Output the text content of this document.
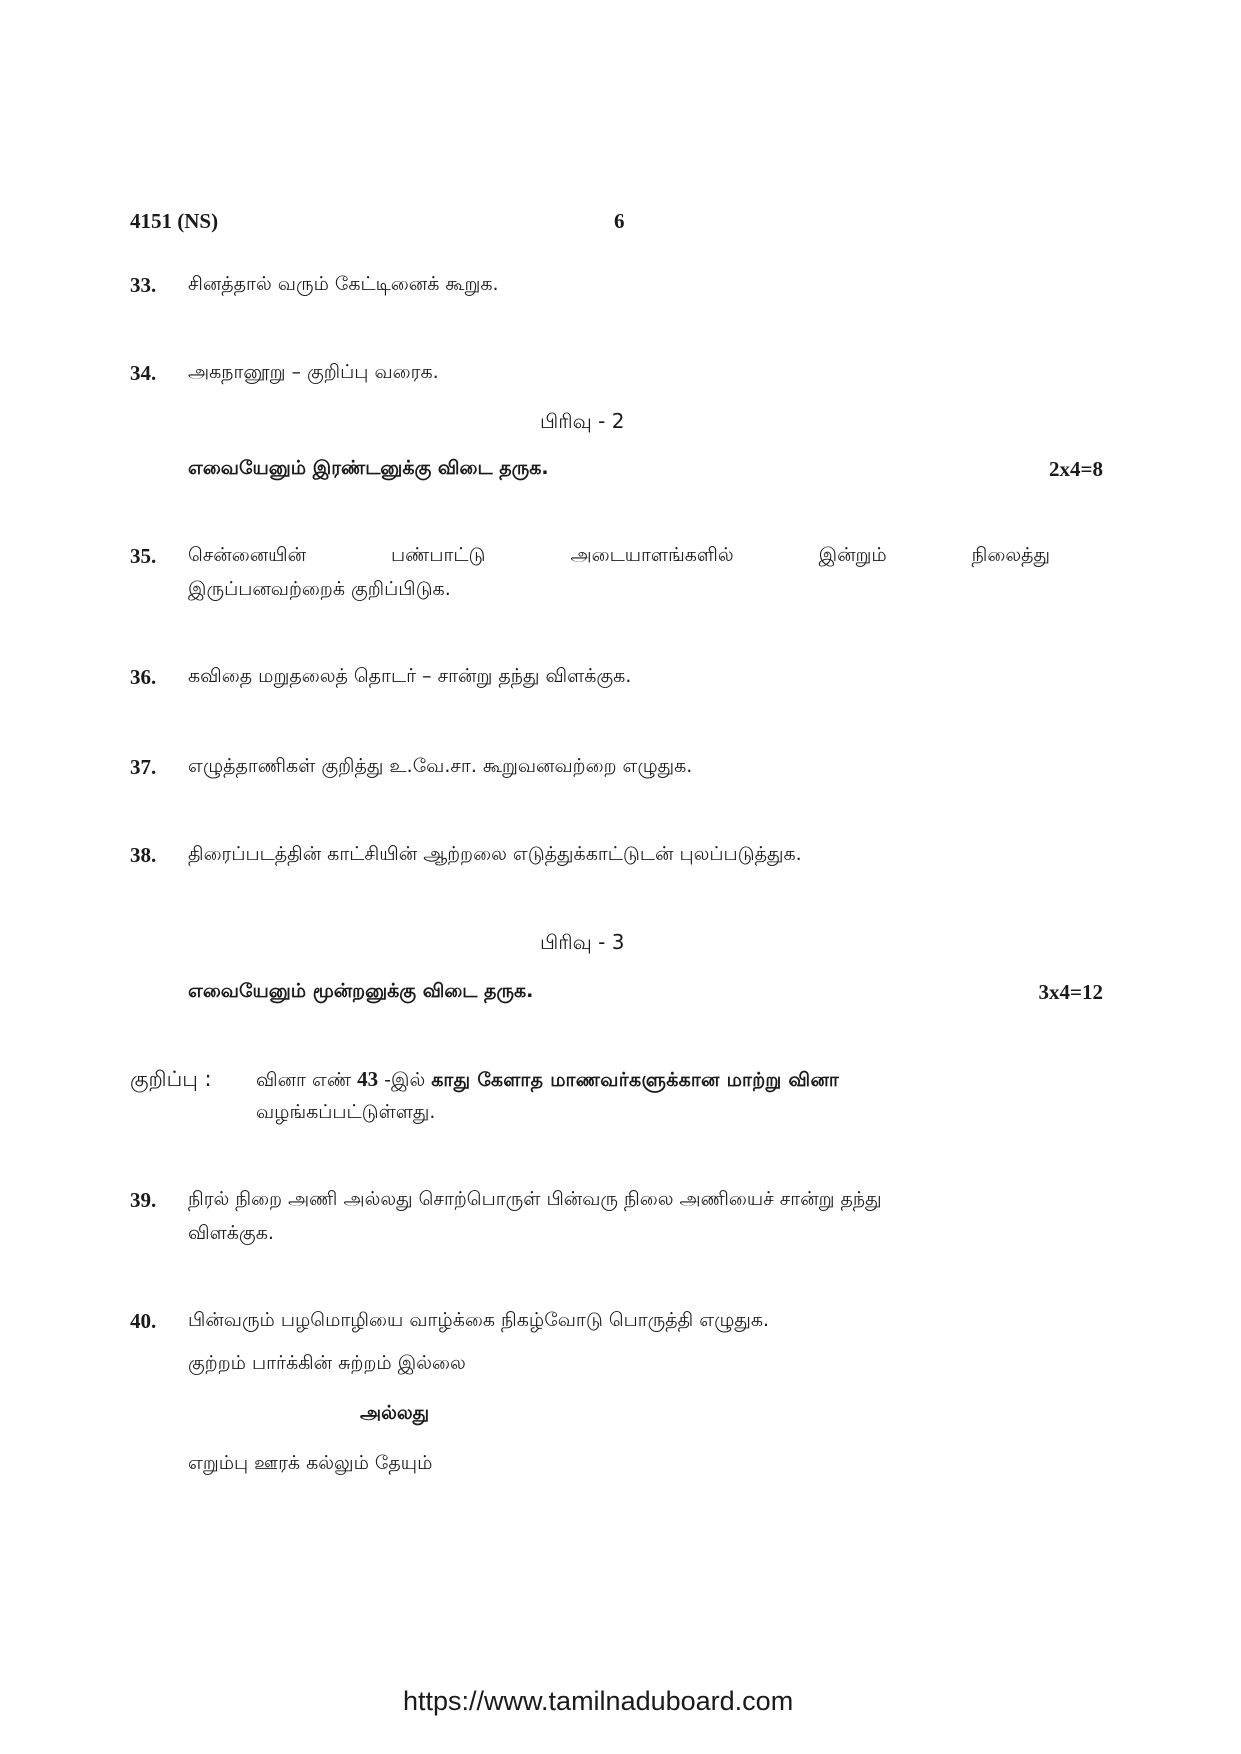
4151 (NS)	6
33. சினத்தால் வரும் கேட்டினைக் கூறுக.
34. அகநானூறு – குறிப்பு வரைக.
பிரிவு - 2
எவையேனும் இரண்டனுக்கு விடை தருக.	2x4=8
35. சென்னையின்	பண்பாட்டு	அடையாளங்களில்	இன்றும்	நிலைத்து
இருப்பனவற்றைக் குறிப்பிடுக.
36. கவிதை மறுதலைத் தொடர் – சான்று தந்து விளக்குக.
37. எழுத்தாணிகள் குறித்து உ.வே.சா. கூறுவனவற்றை எழுதுக.
38. திரைப்படத்தின் காட்சியின் ஆற்றலை எடுத்துக்காட்டுடன் புலப்படுத்துக.
பிரிவு - 3
எவையேனும் மூன்றனுக்கு விடை தருக.	3x4=12
குறிப்பு : வினா எண் 43 -இல் காது கேளாத மாணவர்களுக்கான மாற்று வினா
வழங்கப்பட்டுள்ளது.
39. நிரல் நிறை அணி அல்லது சொற்பொருள் பின்வரு நிலை அணியைச் சான்று தந்து
விளக்குக.
40. பின்வரும் பழமொழியை வாழ்க்கை நிகழ்வோடு பொருத்தி எழுதுக.
குற்றம் பார்க்கின் சுற்றம் இல்லை
அல்லது
எறும்பு ஊரக் கல்லும் தேயும்
https://www.tamilnaduboard.com
